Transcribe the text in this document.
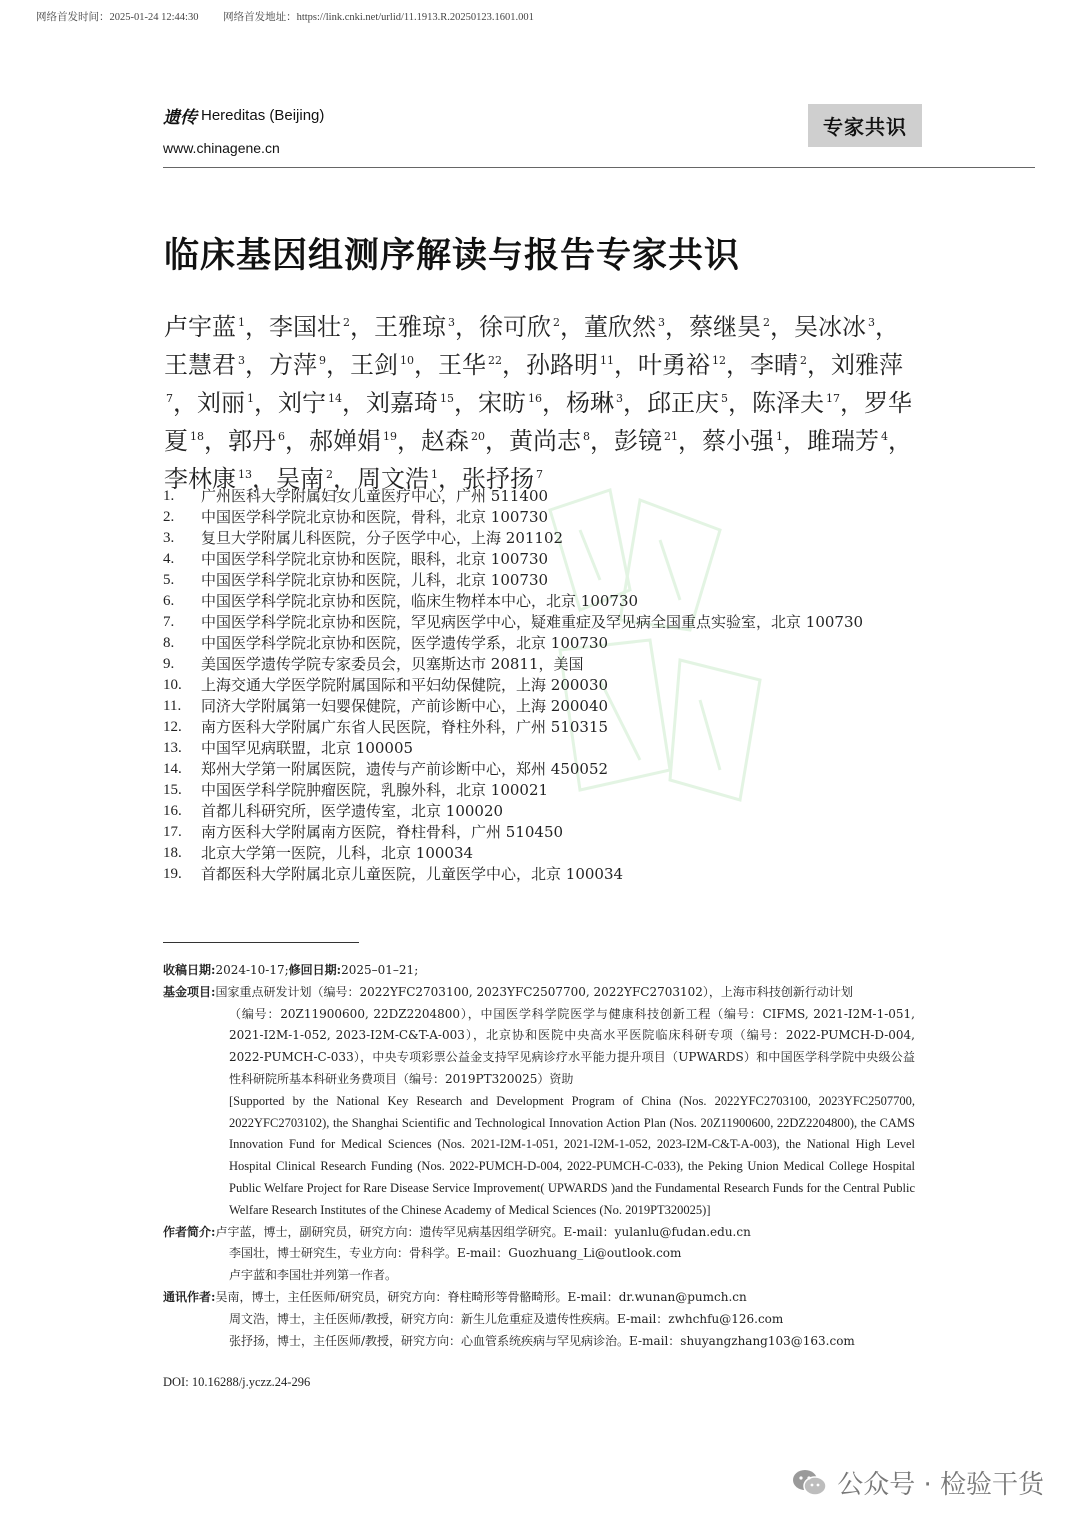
网络首发时间：2025-01-24 12:44:30 网络首发地址：https://link.cnki.net/urlid/11.1913.R.20250123.1601.001
遗传 Hereditas (Beijing)
www.chinagene.cn
专家共识
临床基因组测序解读与报告专家共识
卢宇蓝 $^1$，李国壮 $^2$，王雅琼 $^3$，徐可欣 $^2$，董欣然 $^3$，蔡继昊 $^2$，吴冰冰 $^3$，王慧君 $^3$，方萍 $^9$，王剑 $^{10}$，王华 $^{22}$，孙路明 $^{11}$，叶勇裕 $^{12}$，李晴 $^2$，刘雅萍$^7$，刘丽 $^1$，刘宁 $^{14}$，刘嘉琦 $^{15}$，宋昉 $^{16}$，杨琳 $^3$，邱正庆 $^5$，陈泽夫 $^{17}$，罗华夏 $^{18}$，郭丹 $^6$，郝婵娟 $^{19}$，赵森 $^{20}$，黄尚志 $^8$，彭镜 $^{21}$，蔡小强 $^1$，雎瑞芳 $^4$，李林康 $^{13}$，吴南 $^2$，周文浩 $^1$，张抒扬 $^7$
1.	广州医科大学附属妇女儿童医疗中心，广州 511400
2.	中国医学科学院北京协和医院，骨科，北京 100730
3.	复旦大学附属儿科医院，分子医学中心，上海 201102
4.	中国医学科学院北京协和医院，眼科，北京 100730
5.	中国医学科学院北京协和医院，儿科，北京 100730
6.	中国医学科学院北京协和医院，临床生物样本中心，北京 100730
7.	中国医学科学院北京协和医院，罕见病医学中心，疑难重症及罕见病全国重点实验室，北京 100730
8.	中国医学科学院北京协和医院，医学遗传学系，北京 100730
9.	美国医学遗传学院专家委员会，贝塞斯达市 20811，美国
10.	上海交通大学医学院附属国际和平妇幼保健院，上海 200030
11.	同济大学附属第一妇婴保健院，产前诊断中心，上海 200040
12.	南方医科大学附属广东省人民医院，脊柱外科，广州 510315
13.	中国罕见病联盟，北京 100005
14.	郑州大学第一附属医院，遗传与产前诊断中心，郑州 450052
15.	中国医学科学院肿瘤医院，乳腺外科，北京 100021
16.	首都儿科研究所，医学遗传室，北京 100020
17.	南方医科大学附属南方医院，脊柱骨科，广州 510450
18.	北京大学第一医院，儿科，北京 100034
19.	首都医科大学附属北京儿童医院，儿童医学中心，北京 100034
收稿日期: 2024-10-17; 修回日期: 2025–01–21;
基金项目: 国家重点研发计划（编号：2022YFC2703100, 2023YFC2507700, 2022YFC2703102），上海市科技创新行动计划
（编号：20Z11900600, 22DZ2204800），中国医学科学院医学与健康科技创新工程（编号：CIFMS, 2021-I2M-1-051, 2021-I2M-1-052, 2023-I2M-C&T-A-003），北京协和医院中央高水平医院临床科研专项（编号：2022-PUMCH-D-004, 2022-PUMCH-C-033），中央专项彩票公益金支持罕见病诊疗水平能力提升项目（UPWARDS）和中国医学科学院中央级公益性科研院所基本科研业务费项目（编号：2019PT320025）资助
[Supported by the National Key Research and Development Program of China (Nos. 2022YFC2703100, 2023YFC2507700, 2022YFC2703102), the Shanghai Scientific and Technological Innovation Action Plan (Nos. 20Z11900600, 22DZ2204800), the CAMS Innovation Fund for Medical Sciences (Nos. 2021-I2M-1-051, 2021-I2M-1-052, 2023-I2M-C&T-A-003), the National High Level Hospital Clinical Research Funding (Nos. 2022-PUMCH-D-004, 2022-PUMCH-C-033), the Peking Union Medical College Hospital Public Welfare Project for Rare Disease Service Improvement( UPWARDS )and the Fundamental Research Funds for the Central Public Welfare Research Institutes of the Chinese Academy of Medical Sciences (No. 2019PT320025)]
作者简介: 卢宇蓝，博士，副研究员，研究方向：遗传罕见病基因组学研究。E-mail：yulanlu@fudan.edu.cn
李国壮，博士研究生，专业方向：骨科学。E-mail：Guozhuang_Li@outlook.com
卢宇蓝和李国壮并列第一作者。
通讯作者: 吴南，博士，主任医师/研究员，研究方向：脊柱畸形等骨骼畸形。E-mail：dr.wunan@pumch.cn
周文浩，博士，主任医师/教授，研究方向：新生儿危重症及遗传性疾病。E-mail：zwhchfu@126.com
张抒扬，博士，主任医师/教授，研究方向：心血管系统疾病与罕见病诊治。E-mail：shuyangzhang103@163.com
DOI: 10.16288/j.yczz.24-296
公众号 · 检验干货
